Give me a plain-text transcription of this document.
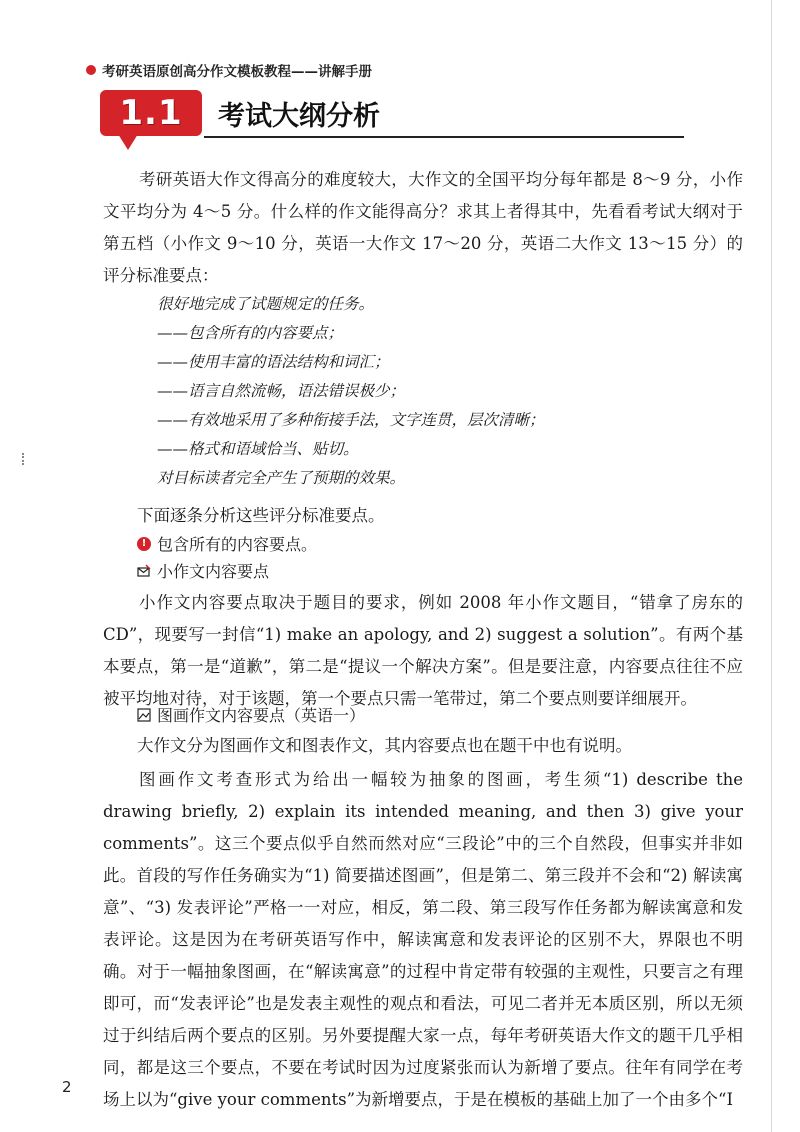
考研英语原创高分作文模板教程——讲解手册
1.1 考试大纲分析

考研英语大作文得高分的难度较大，大作文的全国平均分每年都是 8～9 分，小作文平均分为 4～5 分。什么样的作文能得高分？求其上者得其中，先看看考试大纲对于第五档（小作文 9～10 分，英语一大作文 17～20 分，英语二大作文 13～15 分）的评分标准要点：

很好地完成了试题规定的任务。
——包含所有的内容要点；
——使用丰富的语法结构和词汇；
——语言自然流畅，语法错误极少；
——有效地采用了多种衔接手法，文字连贯，层次清晰；
——格式和语域恰当、贴切。
对目标读者完全产生了预期的效果。

下面逐条分析这些评分标准要点。

! 包含所有的内容要点。
小作文内容要点

小作文内容要点取决于题目的要求，例如 2008 年小作文题目，“错拿了房东的 CD”，现要写一封信“1) make an apology, and 2) suggest a solution”。有两个基本要点，第一是“道歉”，第二是“提议一个解决方案”。但是要注意，内容要点往往不应被平均地对待，对于该题，第一个要点只需一笔带过，第二个要点则要详细展开。

图画作文内容要点（英语一）

大作文分为图画作文和图表作文，其内容要点也在题干中也有说明。

图画作文考查形式为给出一幅较为抽象的图画，考生须“1) describe the drawing briefly, 2) explain its intended meaning, and then 3) give your comments”。这三个要点似乎自然而然对应“三段论”中的三个自然段，但事实并非如此。首段的写作任务确实为“1) 简要描述图画”，但是第二、第三段并不会和“2) 解读寓意”、“3) 发表评论”严格一一对应，相反，第二段、第三段写作任务都为解读寓意和发表评论。这是因为在考研英语写作中，解读寓意和发表评论的区别不大，界限也不明确。对于一幅抽象图画，在“解读寓意”的过程中肯定带有较强的主观性，只要言之有理即可，而“发表评论”也是发表主观性的观点和看法，可见二者并无本质区别，所以无须过于纠结后两个要点的区别。另外要提醒大家一点，每年考研英语大作文的题干几乎相同，都是这三个要点，不要在考试时因为过度紧张而认为新增了要点。往年有同学在考场上以为“give your comments”为新增要点，于是在模板的基础上加了一个由多个“I

2
